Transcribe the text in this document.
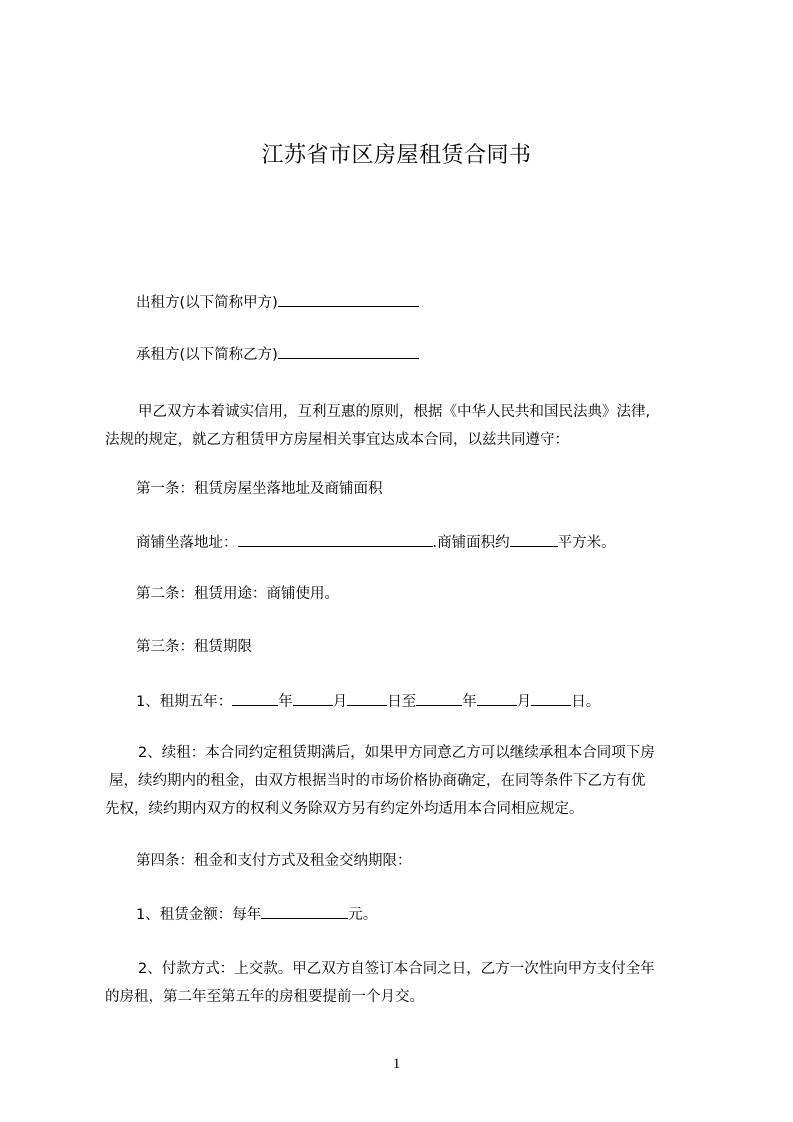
江苏省市区房屋租赁合同书
出租方(以下简称甲方)
承租方(以下简称乙方)
甲乙双方本着诚实信用，互利互惠的原则，根据《中华人民共和国民法典》法律,
法规的规定，就乙方租赁甲方房屋相关事宜达成本合同，以兹共同遵守：
第一条：租赁房屋坐落地址及商铺面积
商铺坐落地址：	.商铺面积约	平方米。
第二条：租赁用途：商铺使用。
第三条：租赁期限
1、租期五年：	年	月	日至	年	月	日。
2、续租：本合同约定租赁期满后，如果甲方同意乙方可以继续承租本合同项下房
屋，续约期内的租金，由双方根据当时的市场价格协商确定，在同等条件下乙方有优
先权，续约期内双方的权利义务除双方另有约定外均适用本合同相应规定。
第四条：租金和支付方式及租金交纳期限：
1、租赁金额：每年	元。
2、付款方式：上交款。甲乙双方自签订本合同之日，乙方一次性向甲方支付全年
的房租，第二年至第五年的房租要提前一个月交。
1
